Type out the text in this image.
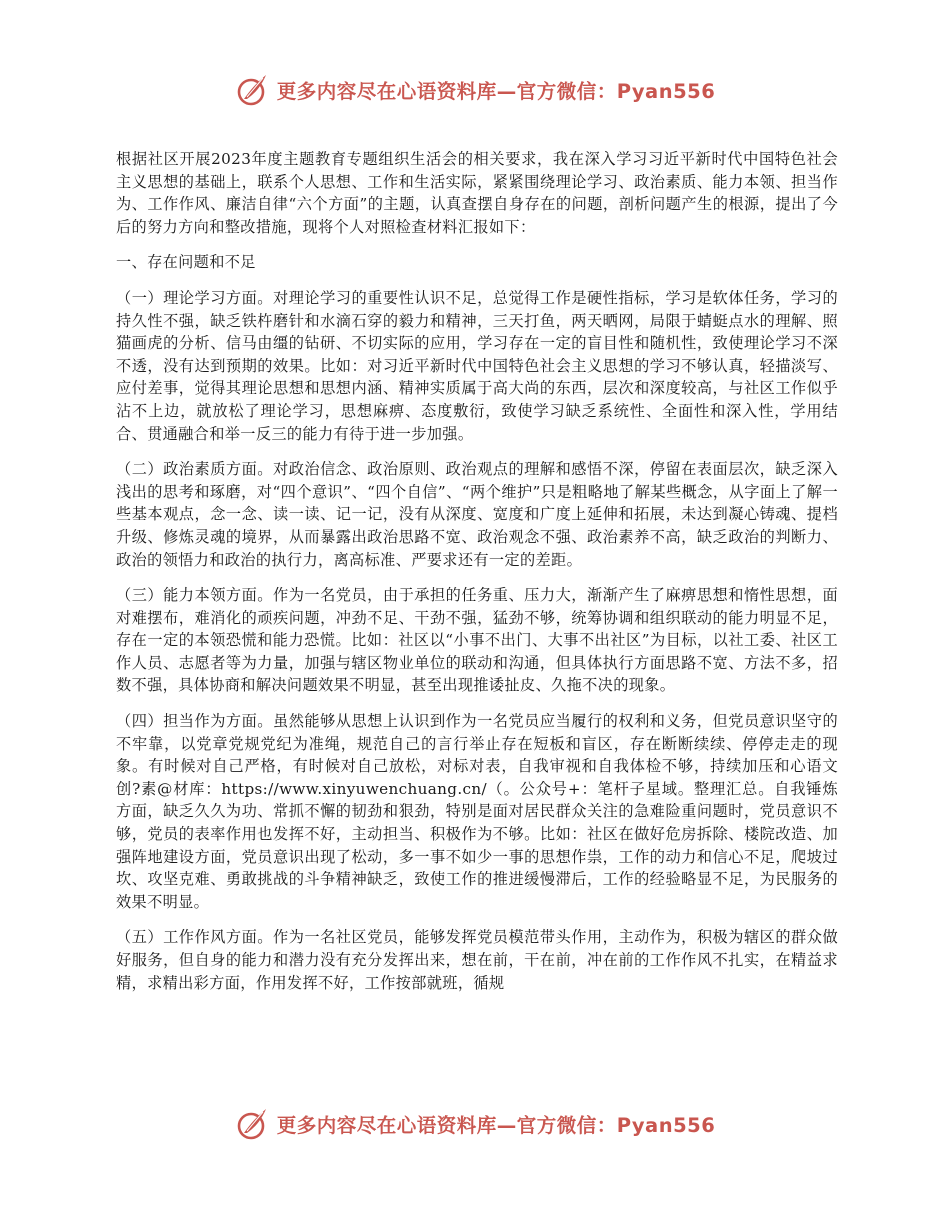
更多内容尽在心语资料库—官方微信：Pyan556

根据社区开展2023年度主题教育专题组织生活会的相关要求，我在深入学习习近平新时代中国特色社会主义思想的基础上，联系个人思想、工作和生活实际，紧紧围绕理论学习、政治素质、能力本领、担当作为、工作作风、廉洁自律“六个方面”的主题，认真查摆自身存在的问题，剖析问题产生的根源，提出了今后的努力方向和整改措施，现将个人对照检查材料汇报如下：

一、存在问题和不足

（一）理论学习方面。对理论学习的重要性认识不足，总觉得工作是硬性指标，学习是软体任务，学习的持久性不强，缺乏铁杵磨针和水滴石穿的毅力和精神，三天打鱼，两天晒网，局限于蜻蜓点水的理解、照猫画虎的分析、信马由缰的钻研、不切实际的应用，学习存在一定的盲目性和随机性，致使理论学习不深不透，没有达到预期的效果。比如：对习近平新时代中国特色社会主义思想的学习不够认真，轻描淡写、应付差事，觉得其理论思想和思想内涵、精神实质属于高大尚的东西，层次和深度较高，与社区工作似乎沾不上边，就放松了理论学习，思想麻痹、态度敷衍，致使学习缺乏系统性、全面性和深入性，学用结合、贯通融合和举一反三的能力有待于进一步加强。

（二）政治素质方面。对政治信念、政治原则、政治观点的理解和感悟不深，停留在表面层次，缺乏深入浅出的思考和琢磨，对“四个意识”、“四个自信”、“两个维护”只是粗略地了解某些概念，从字面上了解一些基本观点，念一念、读一读、记一记，没有从深度、宽度和广度上延伸和拓展，未达到凝心铸魂、提档升级、修炼灵魂的境界，从而暴露出政治思路不宽、政治观念不强、政治素养不高，缺乏政治的判断力、政治的领悟力和政治的执行力，离高标准、严要求还有一定的差距。

（三）能力本领方面。作为一名党员，由于承担的任务重、压力大，渐渐产生了麻痹思想和惰性思想，面对难摆布，难消化的顽疾问题，冲劲不足、干劲不强，猛劲不够，统筹协调和组织联动的能力明显不足，存在一定的本领恐慌和能力恐慌。比如：社区以“小事不出门、大事不出社区”为目标，以社工委、社区工作人员、志愿者等为力量，加强与辖区物业单位的联动和沟通，但具体执行方面思路不宽、方法不多，招数不强，具体协商和解决问题效果不明显，甚至出现推诿扯皮、久拖不决的现象。

（四）担当作为方面。虽然能够从思想上认识到作为一名党员应当履行的权利和义务，但党员意识坚守的不牢靠，以党章党规党纪为准绳，规范自己的言行举止存在短板和盲区，存在断断续续、停停走走的现象。有时候对自己严格，有时候对自己放松，对标对表，自我审视和自我体检不够，持续加压和心语文创?素@材库：https://www.xinyuwenchuang.cn/（。公众号+：笔杆子星域。整理汇总。自我锤炼方面，缺乏久久为功、常抓不懈的韧劲和狠劲，特别是面对居民群众关注的急难险重问题时，党员意识不够，党员的表率作用也发挥不好，主动担当、积极作为不够。比如：社区在做好危房拆除、楼院改造、加强阵地建设方面，党员意识出现了松动，多一事不如少一事的思想作祟，工作的动力和信心不足，爬坡过坎、攻坚克难、勇敢挑战的斗争精神缺乏，致使工作的推进缓慢滞后，工作的经验略显不足，为民服务的效果不明显。

（五）工作作风方面。作为一名社区党员，能够发挥党员模范带头作用，主动作为，积极为辖区的群众做好服务，但自身的能力和潜力没有充分发挥出来，想在前，干在前，冲在前的工作作风不扎实，在精益求精，求精出彩方面，作用发挥不好，工作按部就班，循规

更多内容尽在心语资料库—官方微信：Pyan556
